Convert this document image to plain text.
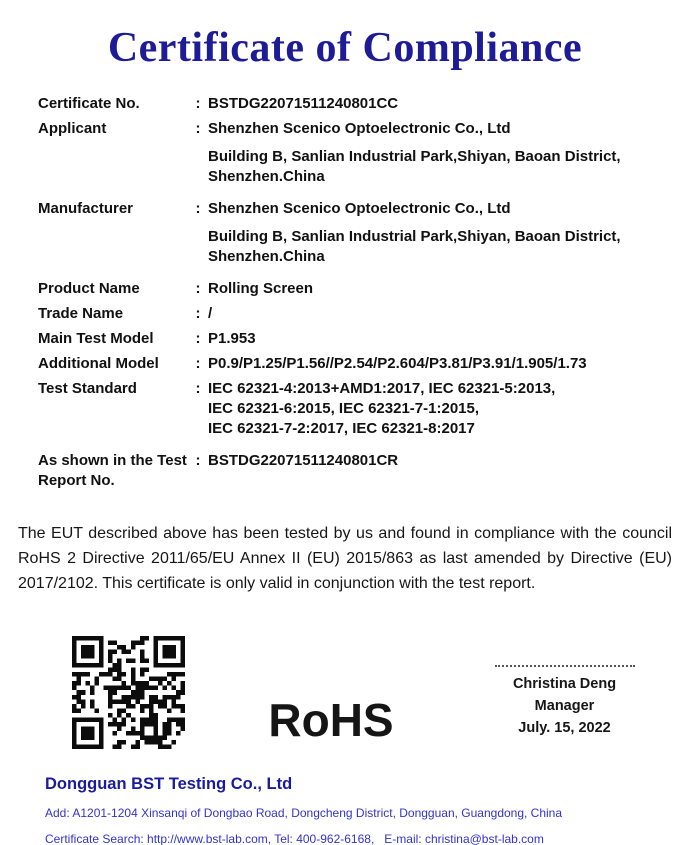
Certificate of Compliance
Certificate No.	: BSTDG22071511240801CC
Applicant	: Shenzhen Scenico Optoelectronic Co., Ltd
Building B, Sanlian Industrial Park,Shiyan, Baoan District,
Shenzhen.China
Manufacturer	: Shenzhen Scenico Optoelectronic Co., Ltd
Building B, Sanlian Industrial Park,Shiyan, Baoan District,
Shenzhen.China
Product Name	: Rolling Screen
Trade Name	: /
Main Test Model	: P1.953
Additional Model	: P0.9/P1.25/P1.56//P2.54/P2.604/P3.81/P3.91/1.905/1.73
Test Standard	: IEC 62321-4:2013+AMD1:2017, IEC 62321-5:2013,
IEC 62321-6:2015, IEC 62321-7-1:2015,
IEC 62321-7-2:2017, IEC 62321-8:2017
As shown in the Test Report No.
: BSTDG22071511240801CR
The EUT described above has been tested by us and found in compliance with the council RoHS 2 Directive 2011/65/EU Annex II (EU) 2015/863 as last amended by Directive (EU) 2017/2102. This certificate is only valid in conjunction with the test report.
RoHS
Christina Deng
Manager
July. 15, 2022
Dongguan BST Testing Co., Ltd
Add: A1201-1204 Xinsanqi of Dongbao Road, Dongcheng District, Dongguan, Guangdong, China
Certificate Search: http://www.bst-lab.com, Tel: 400-962-6168,   E-mail: christina@bst-lab.com
